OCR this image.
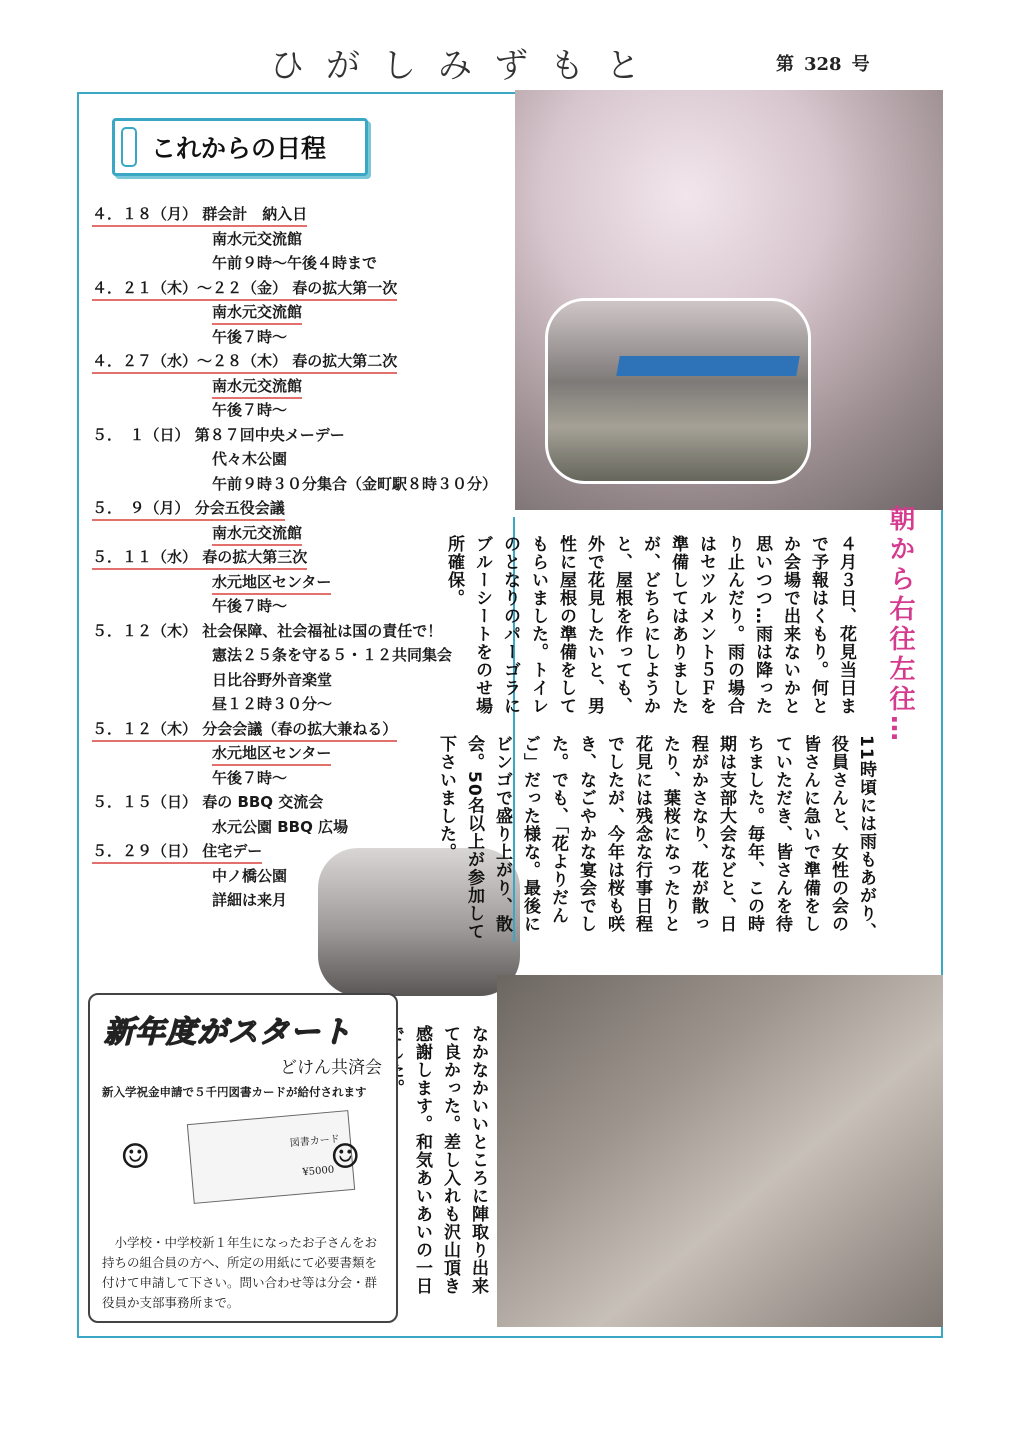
ひがしみずもと	第 328 号
これからの日程
４．１８（月） 群会計　納入日
南水元交流館
午前９時～午後４時まで
４．２１（木）～２２（金） 春の拡大第一次
南水元交流館
午後７時～
４．２７（水）～２８（木） 春の拡大第二次
南水元交流館
午後７時～
５．　１（日） 第８７回中央メーデー
代々木公園
午前９時３０分集合（金町駅８時３０分）
５．　９（月） 分会五役会議
南水元交流館
５．１１（水） 春の拡大第三次
水元地区センター
午後７時～
５．１２（木） 社会保障、社会福祉は国の責任で！
憲法２５条を守る５・１２共同集会
日比谷野外音楽堂
昼１２時３０分～
５．１２（木） 分会会議（春の拡大兼ねる）
水元地区センター
午後７時～
５．１５（日） 春の BBQ 交流会
水元公園 BBQ 広場
５．２９（日） 住宅デー
中ノ橋公園
詳細は来月
朝から右往左往…
４月３日、花見当日まで予報はくもり。何とか会場で出来ないかと思いつつ…雨は降ったり止んだり。雨の場合はセツルメント５Ｆを準備してはありましたが、どちらにしようかと、屋根を作っても、外で花見したいと、男性に屋根の準備をしてもらいました。トイレのとなりのパーゴラにブルーシートをのせ場所確保。
11時頃には雨もあがり、役員さんと、女性の会の皆さんに急いで準備をしていただき、皆さんを待ちました。毎年、この時期は支部大会などと、日程がかさなり、花が散ったり、葉桜になったりと花見には残念な行事日程でしたが、今年は桜も咲き、なごやかな宴会でした。でも、「花よりだんご」だった様な。最後にビンゴで盛り上がり、散会。50名以上が参加して下さいました。
なかなかいいところに陣取り出来て良かった。差し入れも沢山頂き感謝します。和気あいあいの一日
新年度がスタート
どけん共済会
新入学祝金申請で５千円図書カードが給付されます
☺	図書カード
¥5000
☺
小学校・中学校新１年生になったお子さんをお持ちの組合員の方へ、所定の用紙にて必要書類を付けて申請して下さい。問い合わせ等は分会・群役員か支部事務所まで。
